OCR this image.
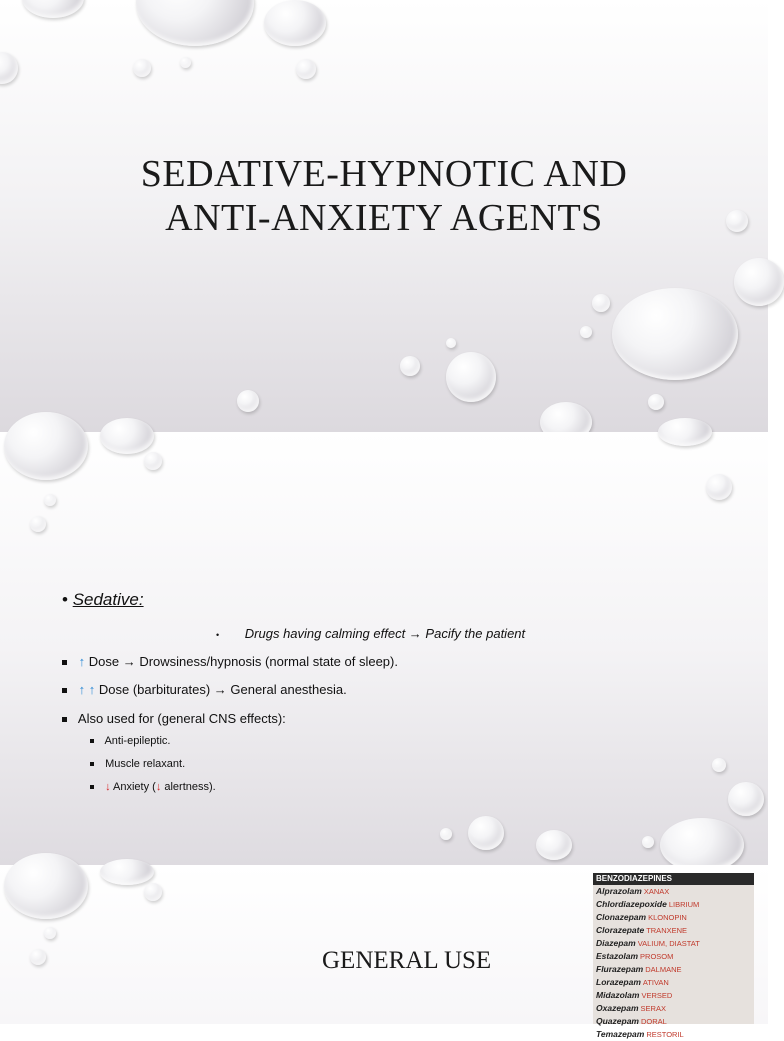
SEDATIVE-HYPNOTIC AND
ANTI-ANXIETY AGENTS
• Sedative:
• Drugs having calming effect → Pacify the patient
↑ Dose → Drowsiness/hypnosis (normal state of sleep).
↑ ↑ Dose (barbiturates) → General anesthesia.
Also used for (general CNS effects):
Anti-epileptic.
Muscle relaxant.
↓ Anxiety (↓ alertness).
GENERAL USE
BENZODIAZEPINES
Alprazolam XANAX
Chlordiazepoxide LIBRIUM
Clonazepam KLONOPIN
Clorazepate TRANXENE
Diazepam VALIUM, DIASTAT
Estazolam PROSOM
Flurazepam DALMANE
Lorazepam ATIVAN
Midazolam VERSED
Oxazepam SERAX
Quazepam DORAL
Temazepam RESTORIL
